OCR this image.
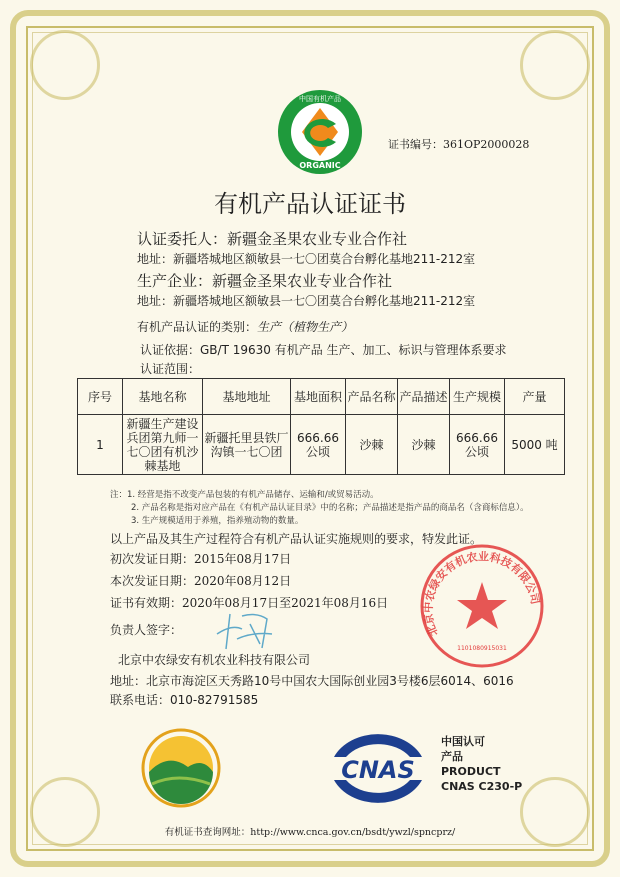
ORGANIC
中国有机产品
证书编号：361OP2000028
有机产品认证证书
认证委托人：新疆金圣果农业专业合作社
地址：新疆塔城地区额敏县一七〇团莫合台孵化基地211-212室
生产企业：新疆金圣果农业专业合作社
地址：新疆塔城地区额敏县一七〇团莫合台孵化基地211-212室
有机产品认证的类别：生产（植物生产）
认证依据：GB/T 19630 有机产品 生产、加工、标识与管理体系要求
认证范围：
序号	基地名称	基地地址	基地面积	产品名称	产品描述	生产规模	产量
1	新疆生产建设兵团第九师一七〇团有机沙棘基地	新疆托里县铁厂沟镇一七〇团	666.66公顷	沙棘	沙棘	666.66公顷	5000 吨
注：1. 经营是指不改变产品包装的有机产品储存、运输和/或贸易活动。
2. 产品名称是指对应产品在《有机产品认证目录》中的名称；产品描述是指产品的商品名（含商标信息）。
3. 生产规模适用于养殖，指养殖动物的数量。
以上产品及其生产过程符合有机产品认证实施规则的要求，特发此证。
初次发证日期：2015年08月17日
本次发证日期：2020年08月12日
证书有效期：2020年08月17日至2021年08月16日
负责人签字：
北京中农绿安有机农业科技有限公司
地址：北京市海淀区天秀路10号中国农大国际创业园3号楼6层6014、6016
联系电话：010-82791585
北京中农绿安有机农业科技有限公司
1101080915031
CNAS
中国认可
产品
PRODUCT
CNAS C230-P
有机证书查询网址：http://www.cnca.gov.cn/bsdt/ywzl/spncprz/
